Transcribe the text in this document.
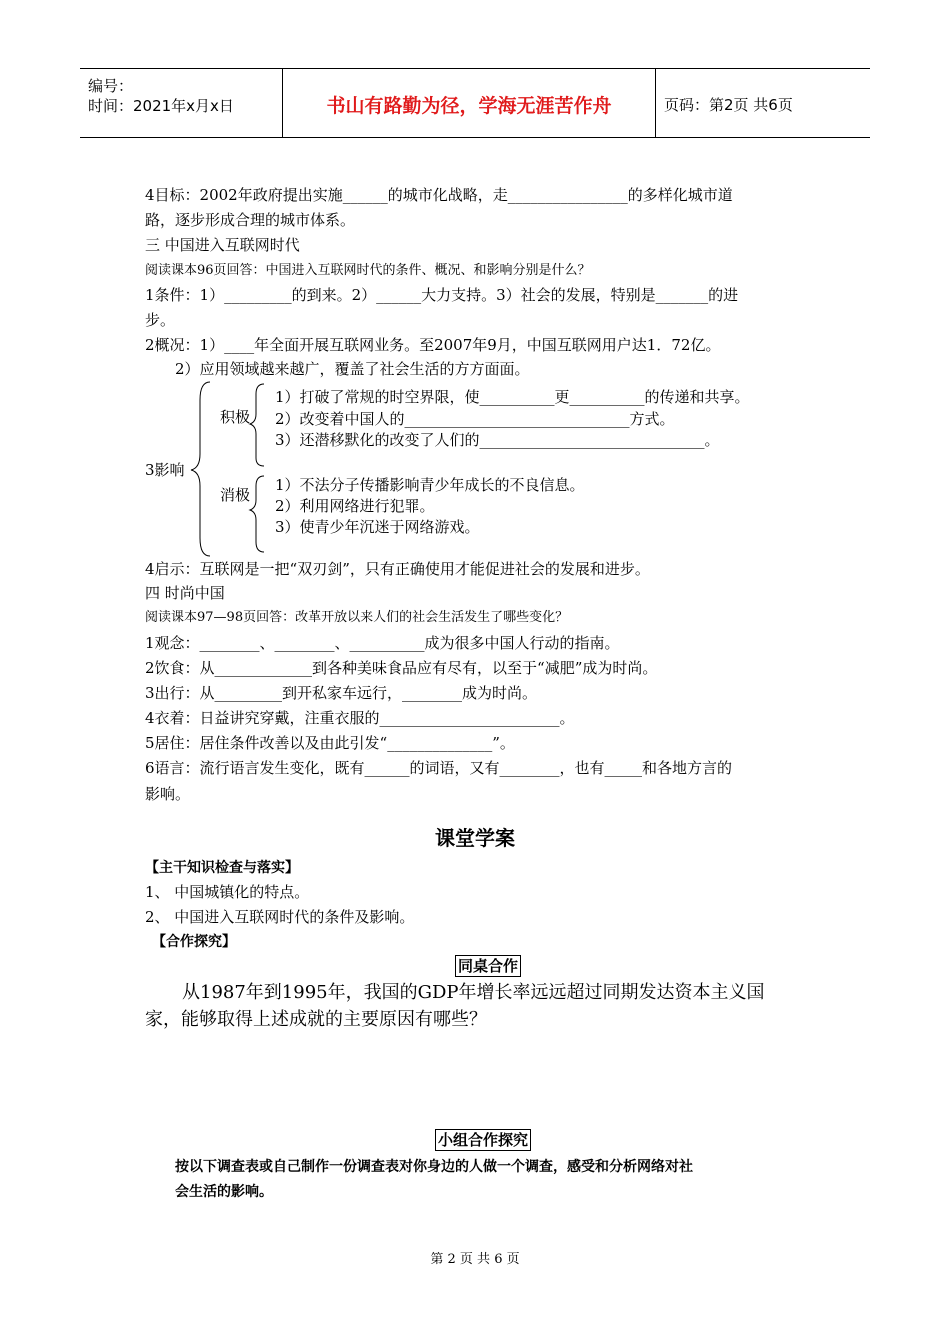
编号：
时间：2021年x月x日	书山有路勤为径，学海无涯苦作舟	页码：第2页 共6页
4目标：2002年政府提出实施______的城市化战略，走________________的多样化城市道
路，逐步形成合理的城市体系。
三 中国进入互联网时代
阅读课本96页回答：中国进入互联网时代的条件、概况、和影响分别是什么？
1条件：1）_________的到来。2）______大力支持。3）社会的发展，特别是_______的进
步。
2概况：1）____年全面开展互联网业务。至2007年9月，中国互联网用户达1．72亿。
2）应用领域越来越广，覆盖了社会生活的方方面面。
3影响
积极
1）打破了常规的时空界限，使__________更__________的传递和共享。
2）改变着中国人的______________________________方式。
3）还潜移默化的改变了人们的______________________________。
消极
1）不法分子传播影响青少年成长的不良信息。
2）利用网络进行犯罪。
3）使青少年沉迷于网络游戏。
4启示：互联网是一把“双刃剑”，只有正确使用才能促进社会的发展和进步。
四 时尚中国
阅读课本97—98页回答：改革开放以来人们的社会生活发生了哪些变化？
1观念：________、________、__________成为很多中国人行动的指南。
2饮食：从_____________到各种美味食品应有尽有，以至于“减肥”成为时尚。
3出行：从_________到开私家车远行，________成为时尚。
4衣着：日益讲究穿戴，注重衣服的________________________。
5居住：居住条件改善以及由此引发“______________”。
6语言：流行语言发生变化，既有______的词语，又有________，也有_____和各地方言的
影响。
课堂学案
【主干知识检查与落实】
1、 中国城镇化的特点。
2、 中国进入互联网时代的条件及影响。
【合作探究】
同桌合作
从1987年到1995年，我国的GDP年增长率远远超过同期发达资本主义国
家，能够取得上述成就的主要原因有哪些？
小组合作探究
按以下调查表或自己制作一份调查表对你身边的人做一个调查，感受和分析网络对社
会生活的影响。
第 2 页 共 6 页
